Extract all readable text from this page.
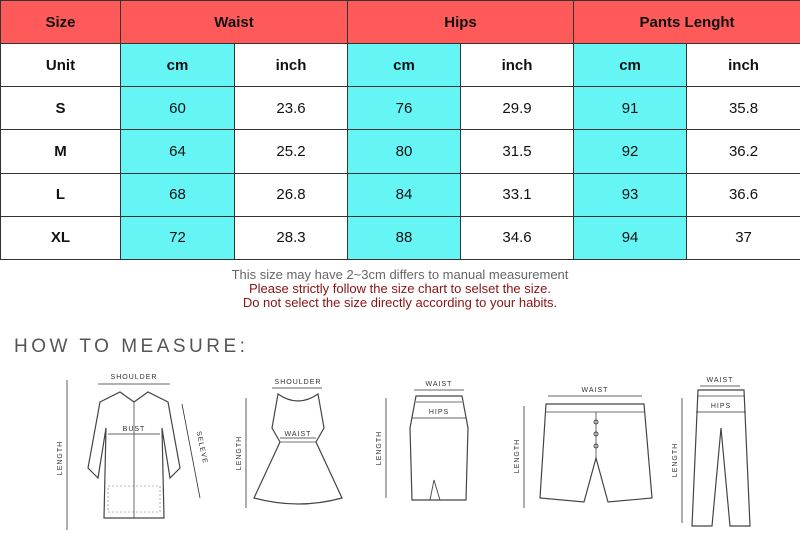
Size	Waist		Hips		Pants Lenght	
Unit	cm	inch	cm	inch	cm	inch
S	60	23.6	76	29.9	91	35.8
M	64	25.2	80	31.5	92	36.2
L	68	26.8	84	33.1	93	36.6
XL	72	28.3	88	34.6	94	37
This size may have 2~3cm differs to manual measurement
Please strictly follow the size chart to selset the size.
Do not select the size directly according to your habits.
HOW TO MEASURE:
SHOULDER
LENGTH
BUST
SELEVE
SHOULDER
LENGTH
WAIST
WAIST
LENGTH
HIPS
WAIST
LENGTH
WAIST
LENGTH
HIPS
